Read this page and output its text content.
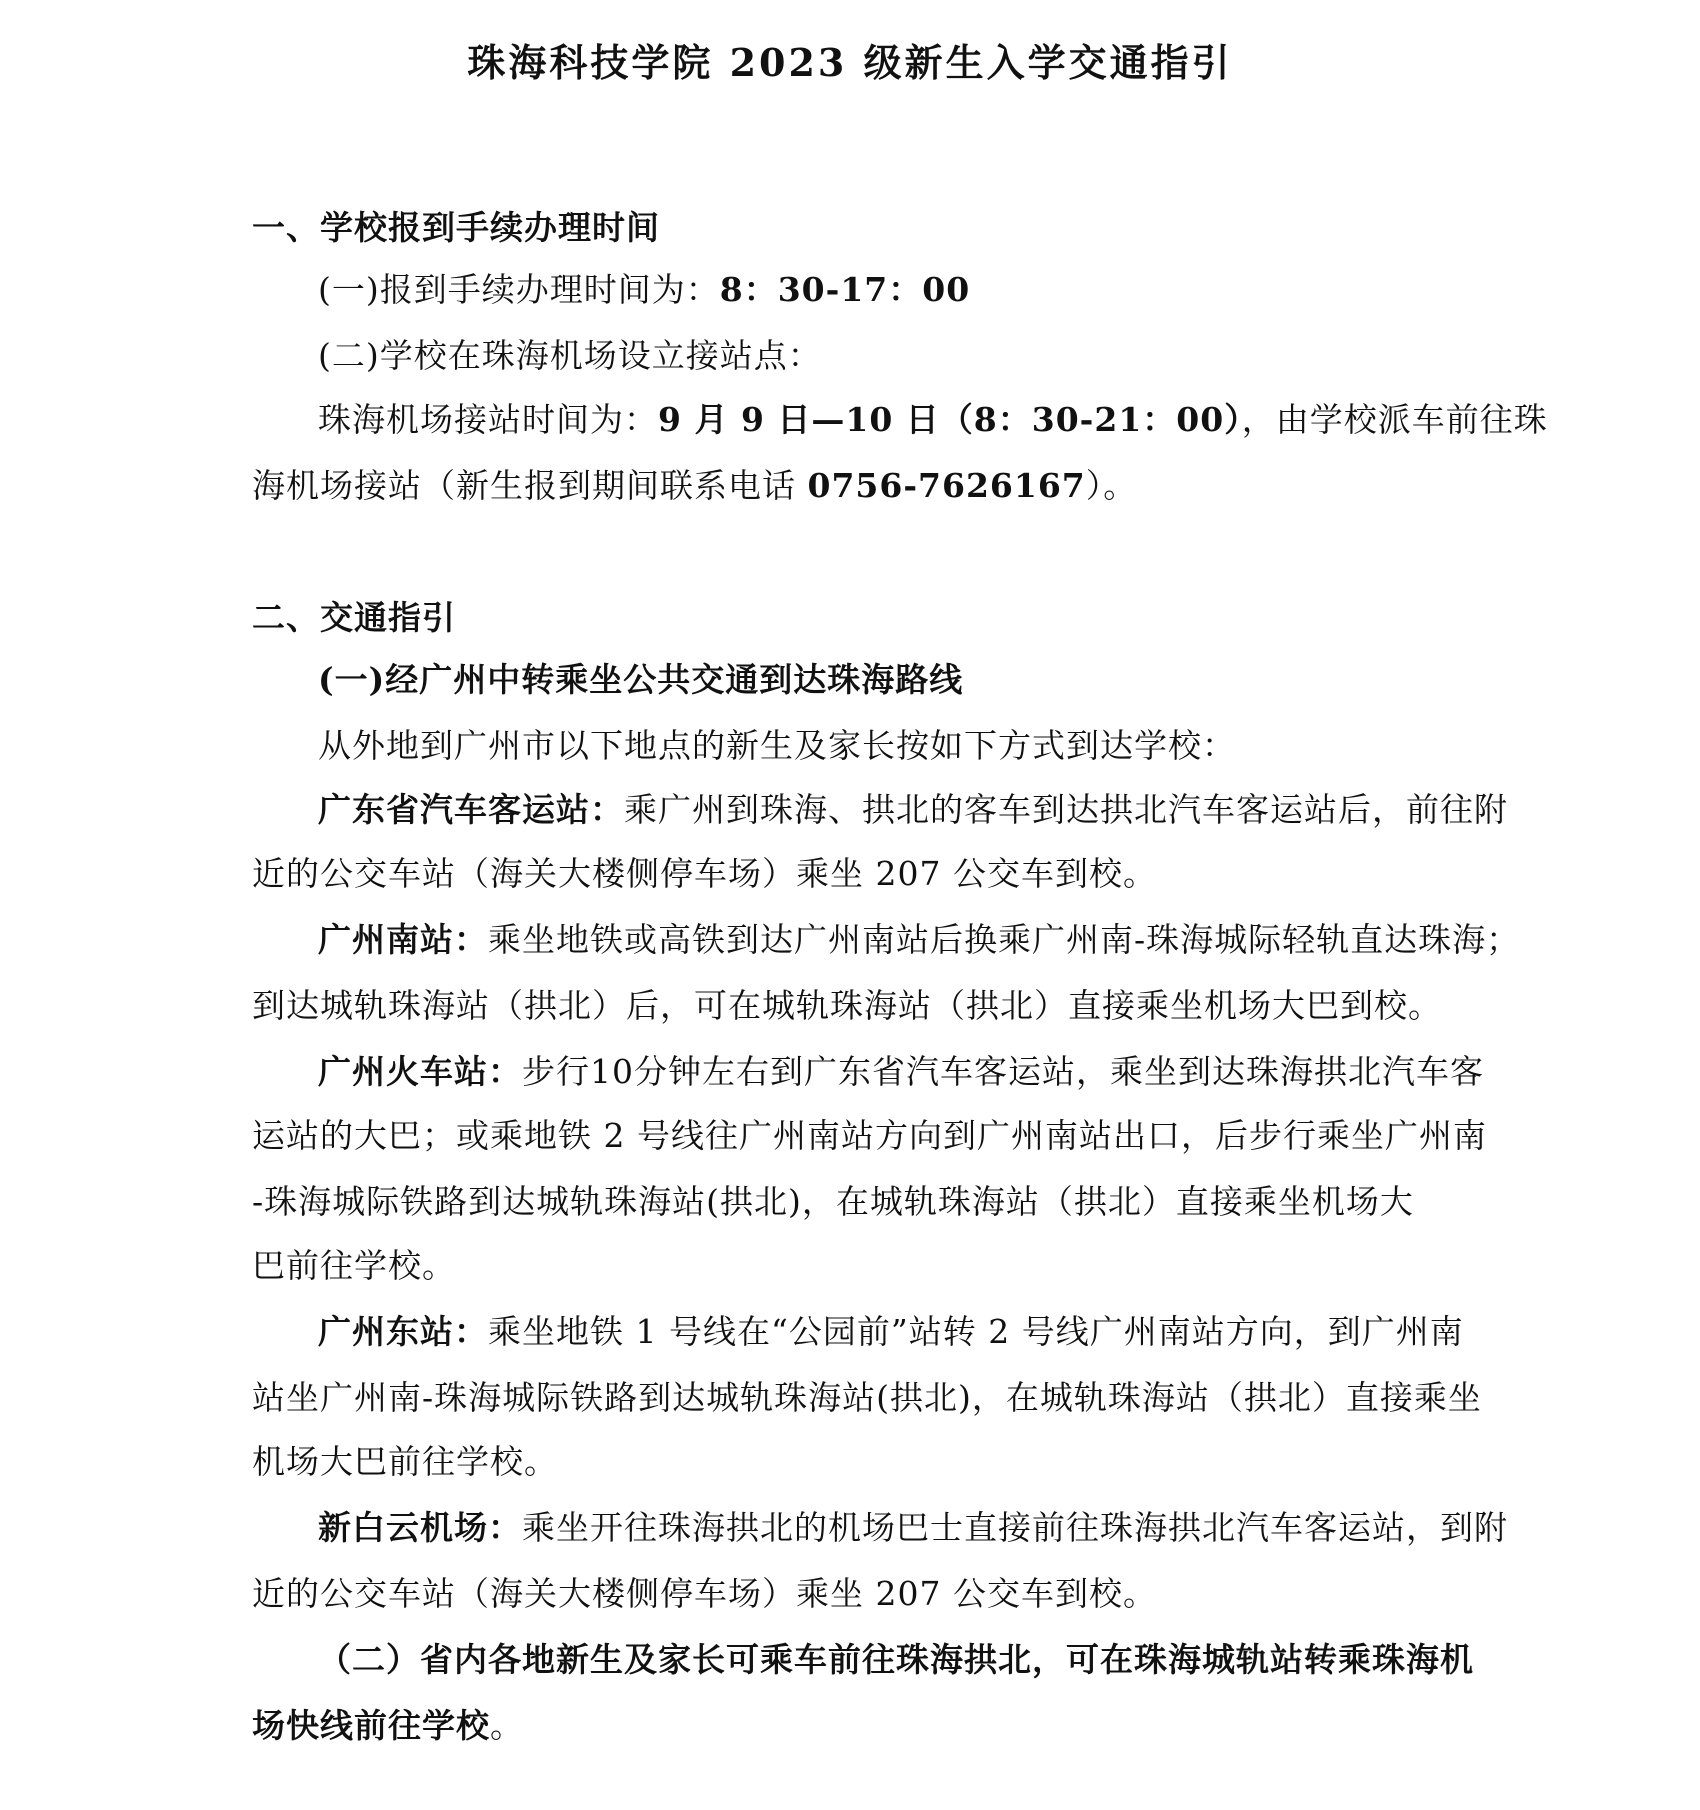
珠海科技学院 2023 级新生入学交通指引
一、学校报到手续办理时间
(一)报到手续办理时间为：8：30-17：00
(二)学校在珠海机场设立接站点：
珠海机场接站时间为：9 月 9 日—10 日（8：30-21：00），由学校派车前往珠
海机场接站（新生报到期间联系电话 0756-7626167）。
二、交通指引
(一)经广州中转乘坐公共交通到达珠海路线
从外地到广州市以下地点的新生及家长按如下方式到达学校：
广东省汽车客运站：乘广州到珠海、拱北的客车到达拱北汽车客运站后，前往附
近的公交车站（海关大楼侧停车场）乘坐 207 公交车到校。
广州南站：乘坐地铁或高铁到达广州南站后换乘广州南-珠海城际轻轨直达珠海；
到达城轨珠海站（拱北）后，可在城轨珠海站（拱北）直接乘坐机场大巴到校。
广州火车站：步行10分钟左右到广东省汽车客运站，乘坐到达珠海拱北汽车客
运站的大巴；或乘地铁 2 号线往广州南站方向到广州南站出口，后步行乘坐广州南
-珠海城际铁路到达城轨珠海站(拱北)，在城轨珠海站（拱北）直接乘坐机场大
巴前往学校。
广州东站：乘坐地铁 1 号线在“公园前”站转 2 号线广州南站方向，到广州南
站坐广州南-珠海城际铁路到达城轨珠海站(拱北)，在城轨珠海站（拱北）直接乘坐
机场大巴前往学校。
新白云机场：乘坐开往珠海拱北的机场巴士直接前往珠海拱北汽车客运站，到附
近的公交车站（海关大楼侧停车场）乘坐 207 公交车到校。
（二）省内各地新生及家长可乘车前往珠海拱北，可在珠海城轨站转乘珠海机
场快线前往学校。
